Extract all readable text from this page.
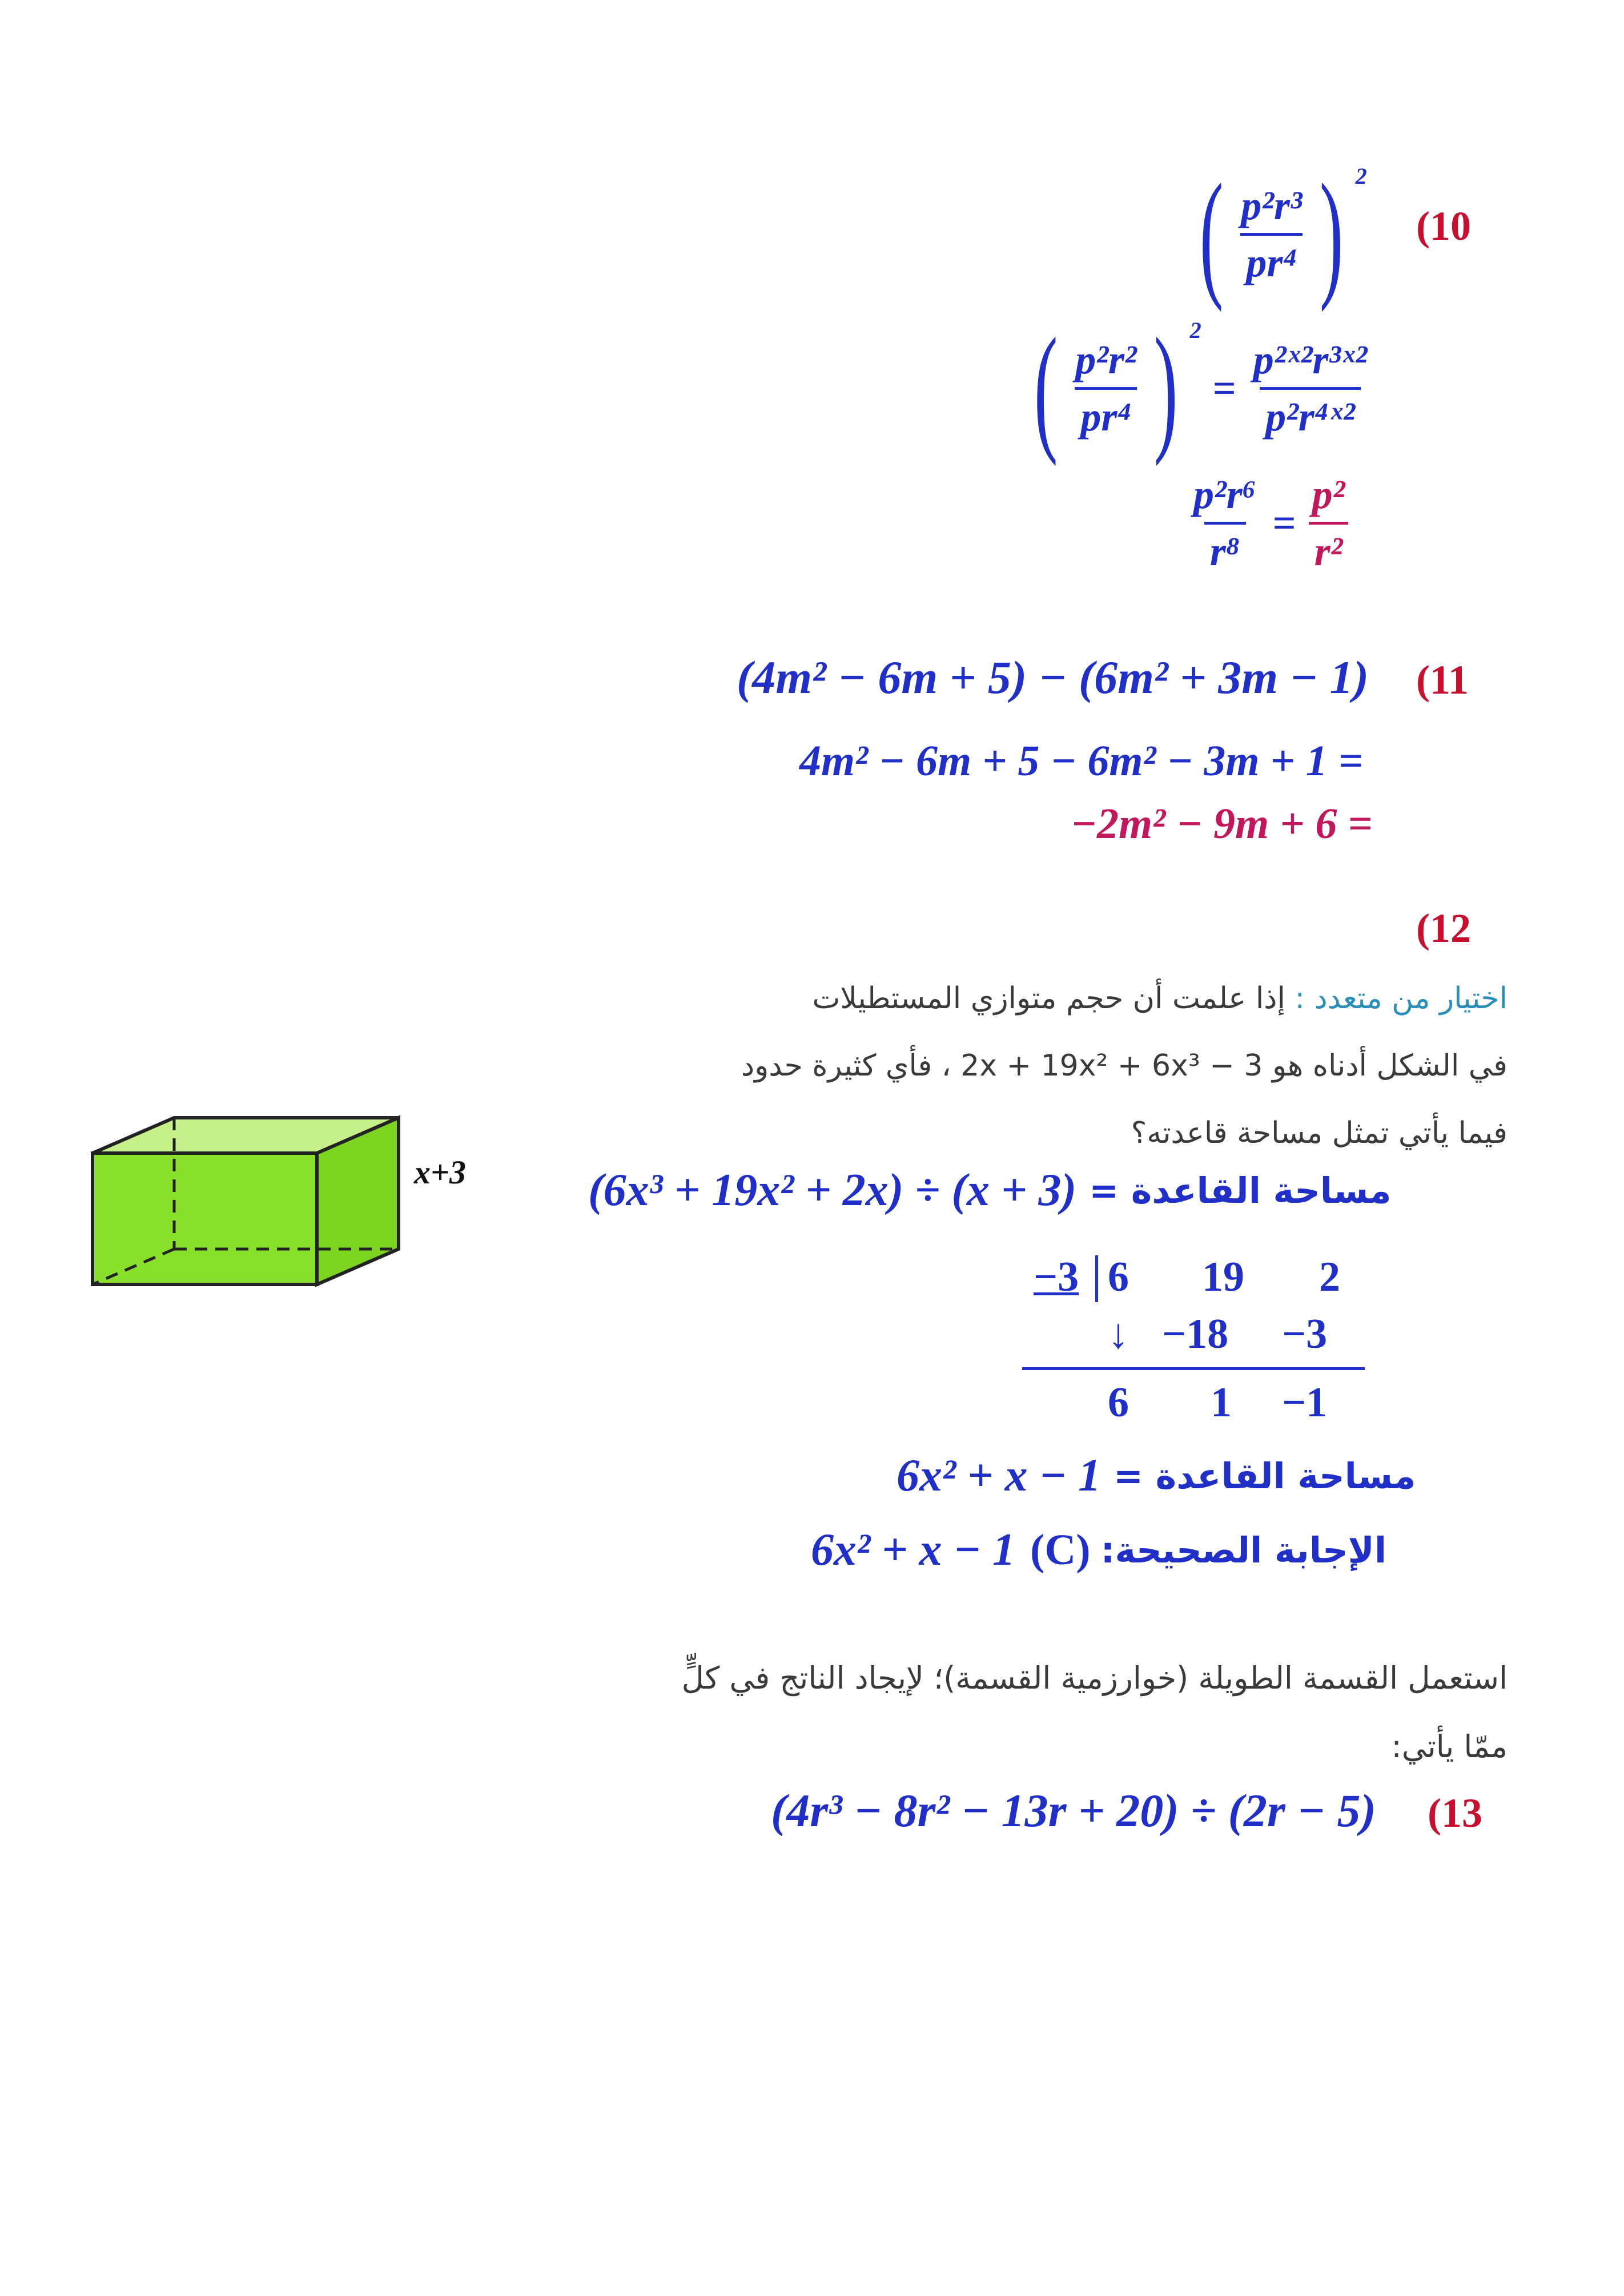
(10
( $\frac{\text{p²r³}}{\text{pr⁴}}$ ) $^2$
( $\frac{\text{p²r²}}{\text{pr⁴}}$ ) $^2$
= $\frac{\text{p²ˣ²r³ˣ²}}{\text{p²r⁴ˣ²}}$
$\frac{\text{p²r⁶}}{\text{r⁸}} = \frac{\text{p²}}{\text{r²}}$
(11
(4m² − 6m + 5) − (6m² + 3m − 1)
4m² − 6m + 5 − 6m² − 3m + 1 =
−2m² − 9m + 6 =
(12
اختيار من متعدد : إذا علمت أن حجم متوازي المستطيلات
في الشكل أدناه هو 3 − 2x + 19x² + 6x³ ، فأي كثيرة حدود
فيما يأتي تمثل مساحة قاعدته؟
x+3	(6x³ + 19x² + 2x) ÷ (x + 3) مساحة القاعدة =
−3 6 19 2
↓ −18 −3
6 1 −1
6x² + x − 1 مساحة القاعدة =
6x² + x − 1 (C) الإجابة الصحيحة:
استعمل القسمة الطويلة (خوارزمية القسمة)؛ لإيجاد الناتج في كلٍّ
ممّا يأتي:
(13
(4r³ − 8r² − 13r + 20) ÷ (2r − 5)
